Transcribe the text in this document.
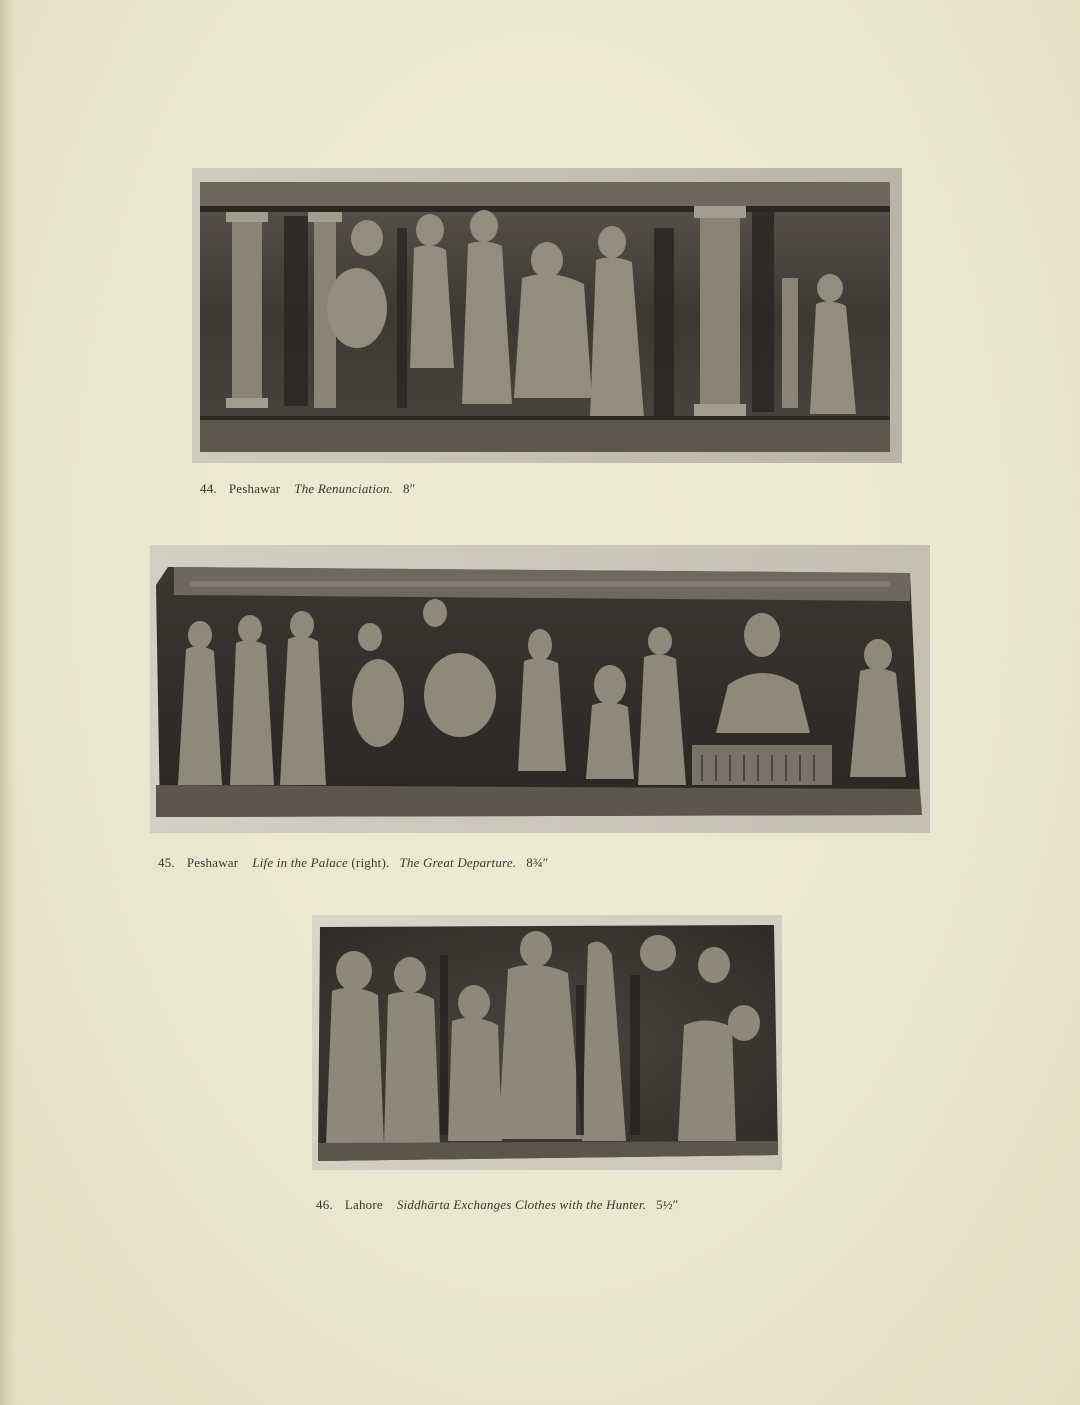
44. Peshawar The Renunciation. 8″
45. Peshawar Life in the Palace (right). The Great Departure. 8¾″
46. Lahore Siddhārta Exchanges Clothes with the Hunter. 5½″
